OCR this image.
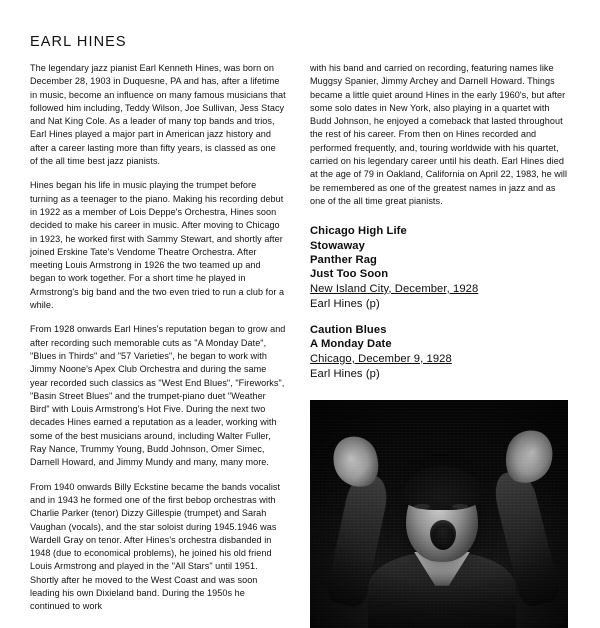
EARL HINES

The legendary jazz pianist Earl Kenneth Hines, was born on December 28, 1903 in Duquesne, PA and has, after a lifetime in music, become an influence on many famous musicians that followed him including, Teddy Wilson, Joe Sullivan, Jess Stacy and Nat King Cole. As a leader of many top bands and trios, Earl Hines played a major part in American jazz history and after a career lasting more than fifty years, is classed as one of the all time best jazz pianists.

Hines began his life in music playing the trumpet before turning as a teenager to the piano. Making his recording debut in 1922 as a member of Lois Deppe's Orchestra, Hines soon decided to make his career in music. After moving to Chicago in 1923, he worked first with Sammy Stewart, and shortly after joined Erskine Tate's Vendome Theatre Orchestra. After meeting Louis Armstrong in 1926 the two teamed up and began to work together. For a short time he played in Armstrong's big band and the two even tried to run a club for a while.

From 1928 onwards Earl Hines's reputation began to grow and after recording such memorable cuts as "A Monday Date", "Blues in Thirds" and "57 Varieties", he began to work with Jimmy Noone's Apex Club Orchestra and during the same year recorded such classics as "West End Blues", "Fireworks", "Basin Street Blues" and the trumpet-piano duet "Weather Bird" with Louis Armstrong's Hot Five. During the next two decades Hines earned a reputation as a leader, working with some of the best musicians around, including Walter Fuller, Ray Nance, Trummy Young, Budd Johnson, Omer Simec, Darnell Howard, and Jimmy Mundy and many, many more.

From 1940 onwards Billy Eckstine became the bands vocalist and in 1943 he formed one of the first bebop orchestras with Charlie Parker (tenor) Dizzy Gillespie (trumpet) and Sarah Vaughan (vocals), and the star soloist during 1945.1946 was Wardell Gray on tenor. After Hines's orchestra disbanded in 1948 (due to economical problems), he joined his old friend Louis Armstrong and played in the "All Stars" until 1951. Shortly after he moved to the West Coast and was soon leading his own Dixieland band. During the 1950s he continued to work

with his band and carried on recording, featuring names like Muggsy Spanier, Jimmy Archey and Darnell Howard. Things became a little quiet around Hines in the early 1960's, but after some solo dates in New York, also playing in a quartet with Budd Johnson, he enjoyed a comeback that lasted throughout the rest of his career. From then on Hines recorded and performed frequently, and, touring worldwide with his quartet, carried on his legendary career until his death. Earl Hines died at the age of 79 in Oakland, California on April 22, 1983, he will be remembered as one of the greatest names in jazz and as one of the all time great pianists.

Chicago High Life
Stowaway
Panther Rag
Just Too Soon
New Island City, December, 1928
Earl Hines (p)
Caution Blues
A Monday Date
Chicago, December 9, 1928
Earl Hines (p)
